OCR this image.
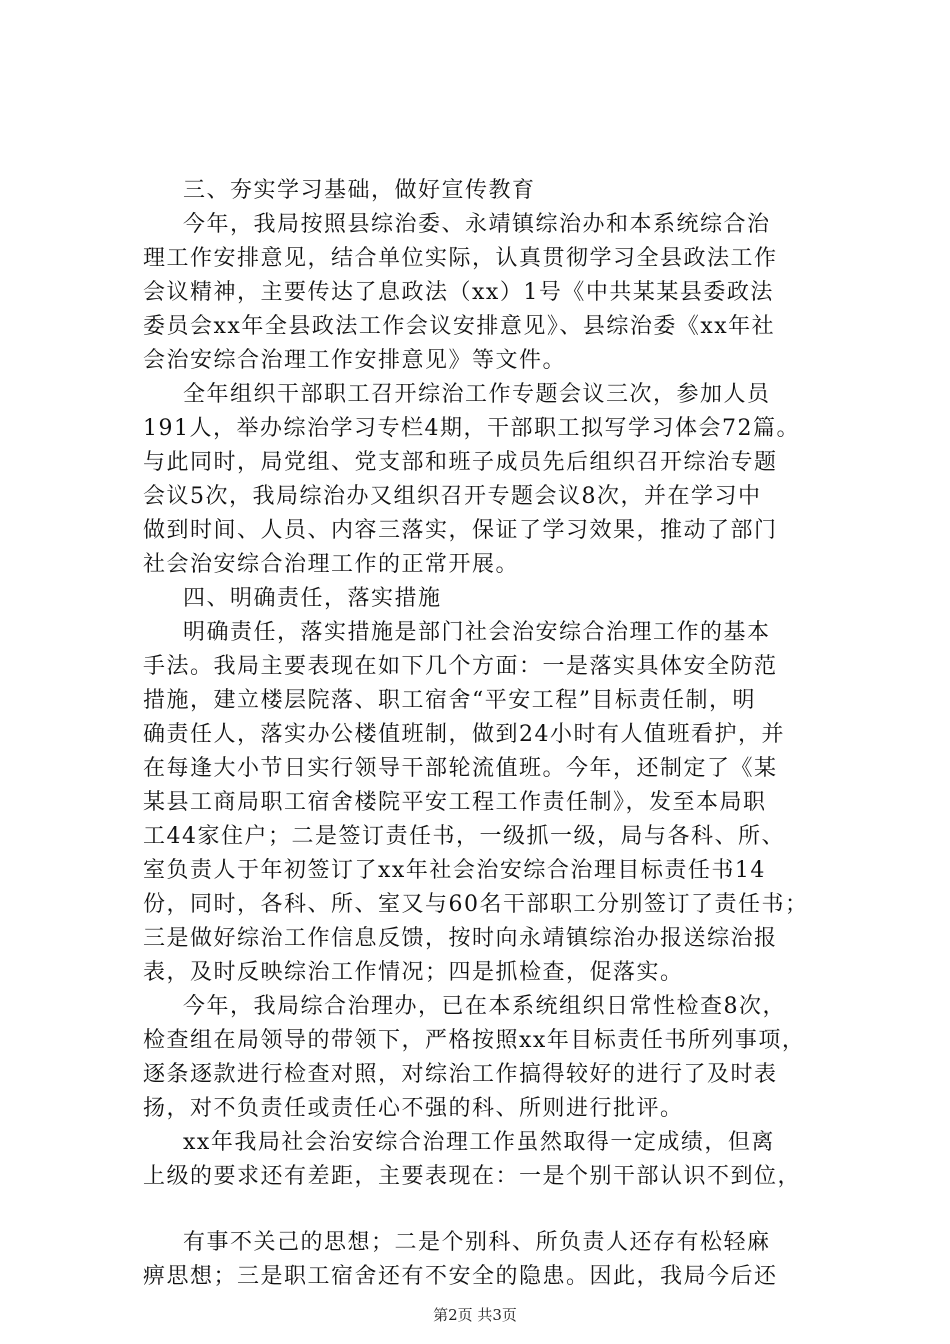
三、夯实学习基础，做好宣传教育
今年，我局按照县综治委、永靖镇综治办和本系统综合治
理工作安排意见，结合单位实际，认真贯彻学习全县政法工作
会议精神，主要传达了息政法（xx）1号《中共某某县委政法
委员会xx年全县政法工作会议安排意见》、县综治委《xx年社
会治安综合治理工作安排意见》等文件。
全年组织干部职工召开综治工作专题会议三次，参加人员
191人，举办综治学习专栏4期，干部职工拟写学习体会72篇。
与此同时，局党组、党支部和班子成员先后组织召开综治专题
会议5次，我局综治办又组织召开专题会议8次，并在学习中
做到时间、人员、内容三落实，保证了学习效果，推动了部门
社会治安综合治理工作的正常开展。
四、明确责任，落实措施
明确责任，落实措施是部门社会治安综合治理工作的基本
手法。我局主要表现在如下几个方面：一是落实具体安全防范
措施，建立楼层院落、职工宿舍“平安工程”目标责任制，明
确责任人，落实办公楼值班制，做到24小时有人值班看护，并
在每逢大小节日实行领导干部轮流值班。今年，还制定了《某
某县工商局职工宿舍楼院平安工程工作责任制》，发至本局职
工44家住户；二是签订责任书，一级抓一级，局与各科、所、
室负责人于年初签订了xx年社会治安综合治理目标责任书14
份，同时，各科、所、室又与60名干部职工分别签订了责任书；
三是做好综治工作信息反馈，按时向永靖镇综治办报送综治报
表，及时反映综治工作情况；四是抓检查，促落实。
今年，我局综合治理办，已在本系统组织日常性检查8次，
检查组在局领导的带领下，严格按照xx年目标责任书所列事项，
逐条逐款进行检查对照，对综治工作搞得较好的进行了及时表
扬，对不负责任或责任心不强的科、所则进行批评。
xx年我局社会治安综合治理工作虽然取得一定成绩，但离
上级的要求还有差距，主要表现在：一是个别干部认识不到位，
有事不关己的思想；二是个别科、所负责人还存有松轻麻
痹思想；三是职工宿舍还有不安全的隐患。因此，我局今后还
第2页 共3页
